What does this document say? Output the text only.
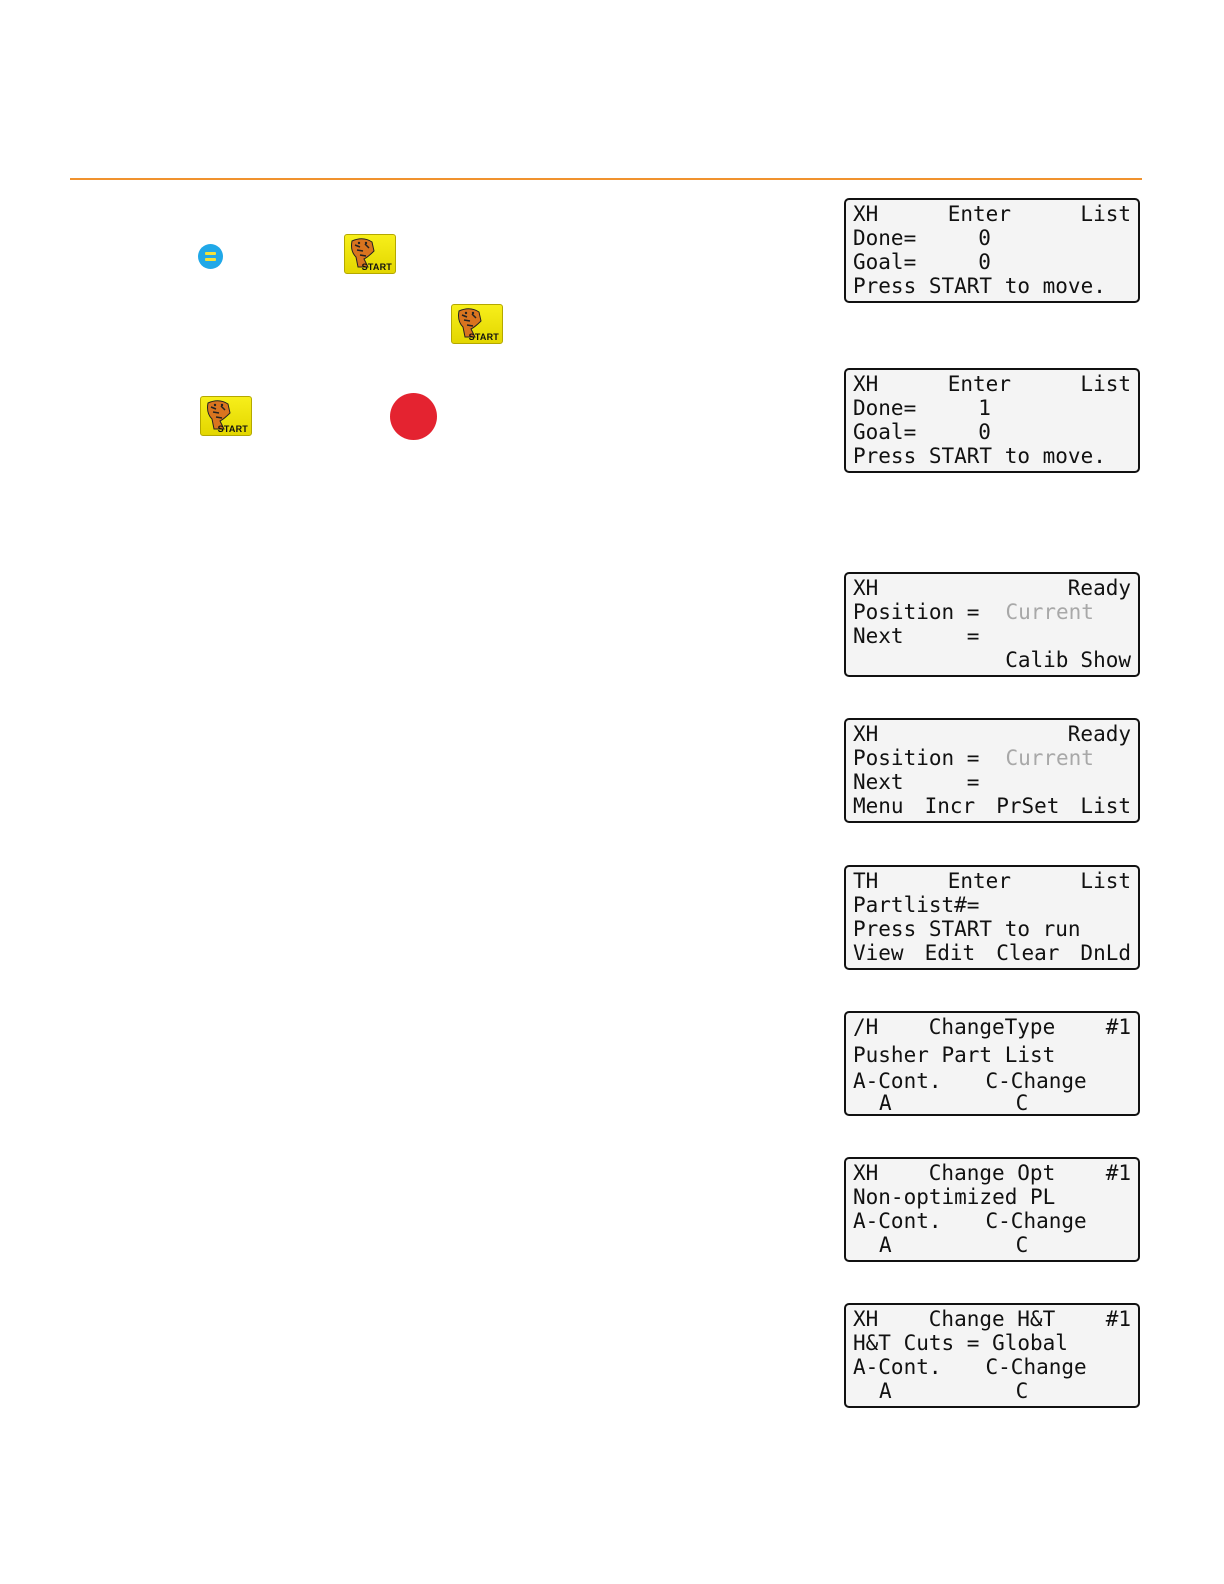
START
START
START
XH	Enter	List
Done=	0
Goal=	0
Press START to move.
XH	Enter	List
Done=	1
Goal=	0
Press START to move.
XH	Ready
Position = Current
Next     =
Calib Show
XH	Ready
Position = Current
Next     =
Menu Incr PrSet List
TH	Enter	List
Partlist#=
Press START to run
View Edit Clear DnLd
/H ChangeType #1
Pusher Part List
A-Cont. C-Change
A	C
XH Change Opt #1
Non-optimized PL
A-Cont. C-Change
A	C
XH Change H&T #1
H&T Cuts = Global
A-Cont. C-Change
A	C
